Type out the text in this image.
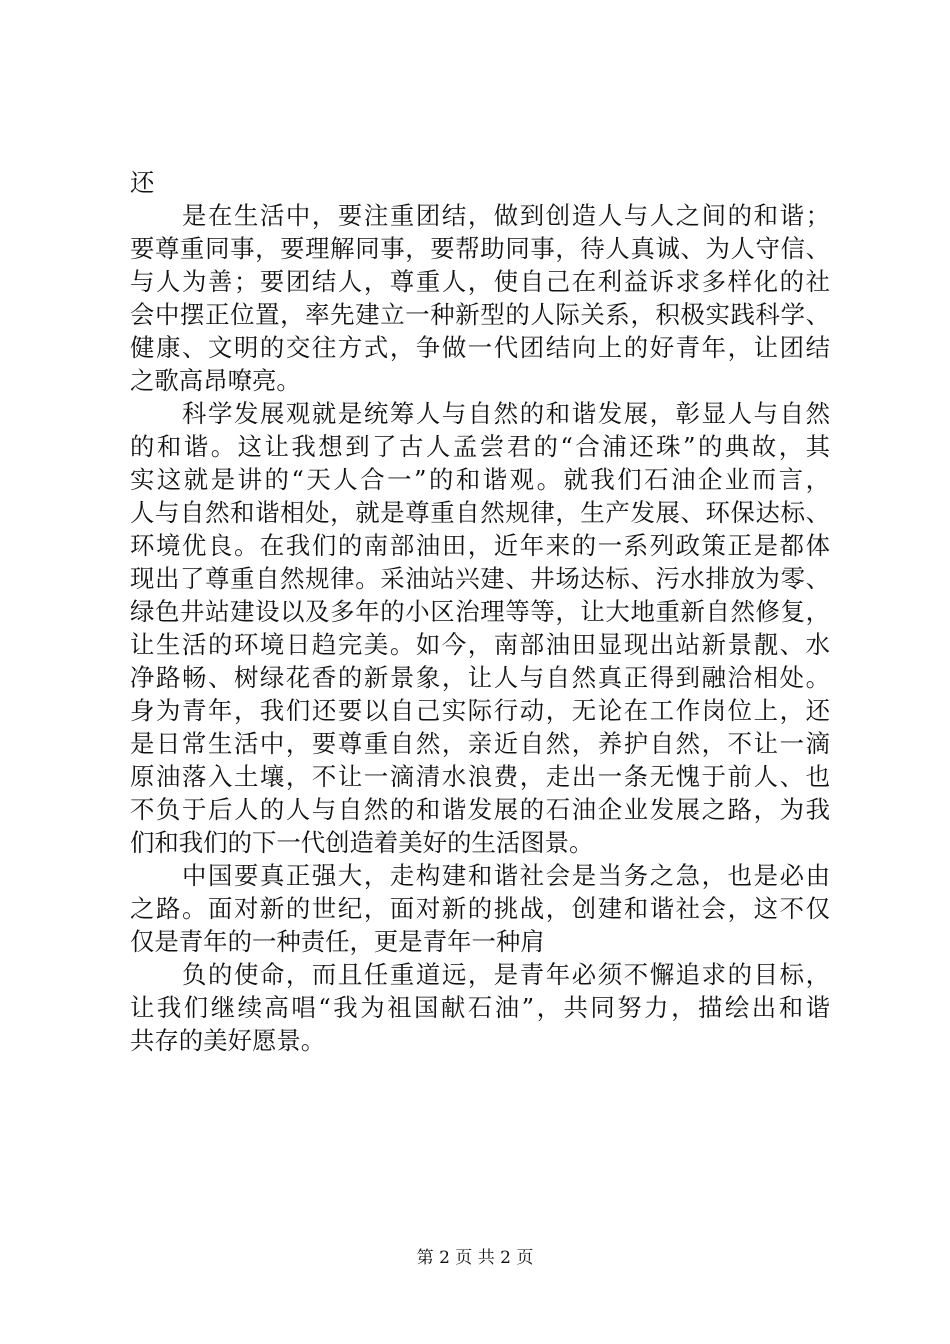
还
是在生活中，要注重团结，做到创造人与人之间的和谐；
要尊重同事，要理解同事，要帮助同事，待人真诚、为人守信、
与人为善；要团结人，尊重人，使自己在利益诉求多样化的社
会中摆正位置，率先建立一种新型的人际关系，积极实践科学、
健康、文明的交往方式，争做一代团结向上的好青年，让团结
之歌高昂嘹亮。
科学发展观就是统筹人与自然的和谐发展，彰显人与自然
的和谐。这让我想到了古人孟尝君的“合浦还珠”的典故，其
实这就是讲的“天人合一”的和谐观。就我们石油企业而言，
人与自然和谐相处，就是尊重自然规律，生产发展、环保达标、
环境优良。在我们的南部油田，近年来的一系列政策正是都体
现出了尊重自然规律。采油站兴建、井场达标、污水排放为零、
绿色井站建设以及多年的小区治理等等，让大地重新自然修复，
让生活的环境日趋完美。如今，南部油田显现出站新景靓、水
净路畅、树绿花香的新景象，让人与自然真正得到融洽相处。
身为青年，我们还要以自己实际行动，无论在工作岗位上，还
是日常生活中，要尊重自然，亲近自然，养护自然，不让一滴
原油落入土壤，不让一滴清水浪费，走出一条无愧于前人、也
不负于后人的人与自然的和谐发展的石油企业发展之路，为我
们和我们的下一代创造着美好的生活图景。
中国要真正强大，走构建和谐社会是当务之急，也是必由
之路。面对新的世纪，面对新的挑战，创建和谐社会，这不仅
仅是青年的一种责任，更是青年一种肩
负的使命，而且任重道远，是青年必须不懈追求的目标，
让我们继续高唱“我为祖国献石油”，共同努力，描绘出和谐
共存的美好愿景。
第 2 页 共 2 页
